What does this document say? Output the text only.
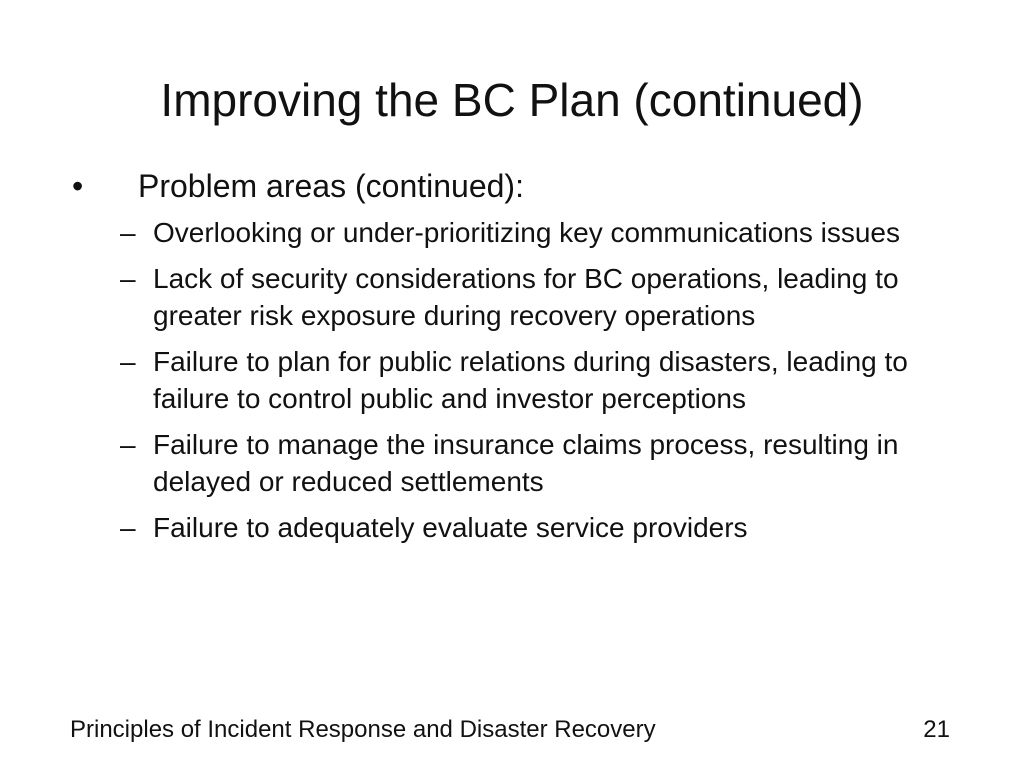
Improving the BC Plan (continued)
• Problem areas (continued):
– Overlooking or under-prioritizing key communications issues
– Lack of security considerations for BC operations, leading to greater risk exposure during recovery operations
– Failure to plan for public relations during disasters, leading to failure to control public and investor perceptions
– Failure to manage the insurance claims process, resulting in delayed or reduced settlements
– Failure to adequately evaluate service providers
Principles of Incident Response and Disaster Recovery	21
